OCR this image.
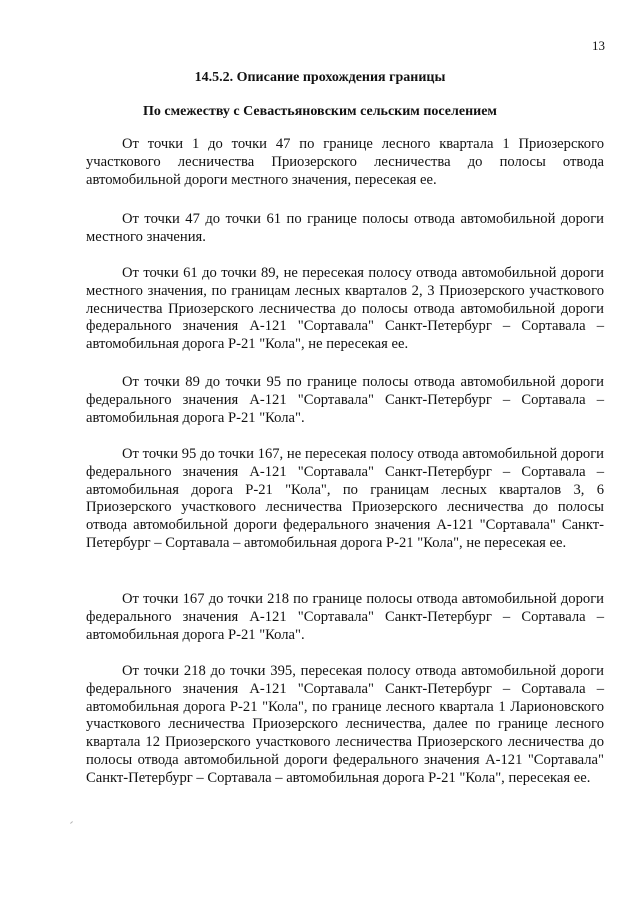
13
14.5.2. Описание прохождения границы
По смежеству с Севастьяновским сельским поселением

От точки 1 до точки 47 по границе лесного квартала 1 Приозерского участкового лесничества Приозерского лесничества до полосы отвода автомобильной дороги местного значения, пересекая ее.

От точки 47 до точки 61 по границе полосы отвода автомобильной дороги местного значения.

От точки 61 до точки 89, не пересекая полосу отвода автомобильной дороги местного значения, по границам лесных кварталов 2, 3 Приозерского участкового лесничества Приозерского лесничества до полосы отвода автомобильной дороги федерального значения А-121 "Сортавала" Санкт-Петербург – Сортавала – автомобильная дорога Р-21 "Кола", не пересекая ее.

От точки 89 до точки 95 по границе полосы отвода автомобильной дороги федерального значения А-121 "Сортавала" Санкт-Петербург – Сортавала – автомобильная дорога Р-21 "Кола".

От точки 95 до точки 167, не пересекая полосу отвода автомобильной дороги федерального значения А-121 "Сортавала" Санкт-Петербург – Сортавала – автомобильная дорога Р-21 "Кола", по границам лесных кварталов 3, 6 Приозерского участкового лесничества Приозерского лесничества до полосы отвода автомобильной дороги федерального значения А-121 "Сортавала" Санкт-Петербург – Сортавала – автомобильная дорога Р-21 "Кола", не пересекая ее.

От точки 167 до точки 218 по границе полосы отвода автомобильной дороги федерального значения А-121 "Сортавала" Санкт-Петербург – Сортавала – автомобильная дорога Р-21 "Кола".

От точки 218 до точки 395, пересекая полосу отвода автомобильной дороги федерального значения А-121 "Сортавала" Санкт-Петербург – Сортавала – автомобильная дорога Р-21 "Кола", по границе лесного квартала 1 Ларионовского участкового лесничества Приозерского лесничества, далее по границе лесного квартала 12 Приозерского участкового лесничества Приозерского лесничества до полосы отвода автомобильной дороги федерального значения А-121 "Сортавала" Санкт-Петербург – Сортавала – автомобильная дорога Р-21 "Кола", пересекая ее.
